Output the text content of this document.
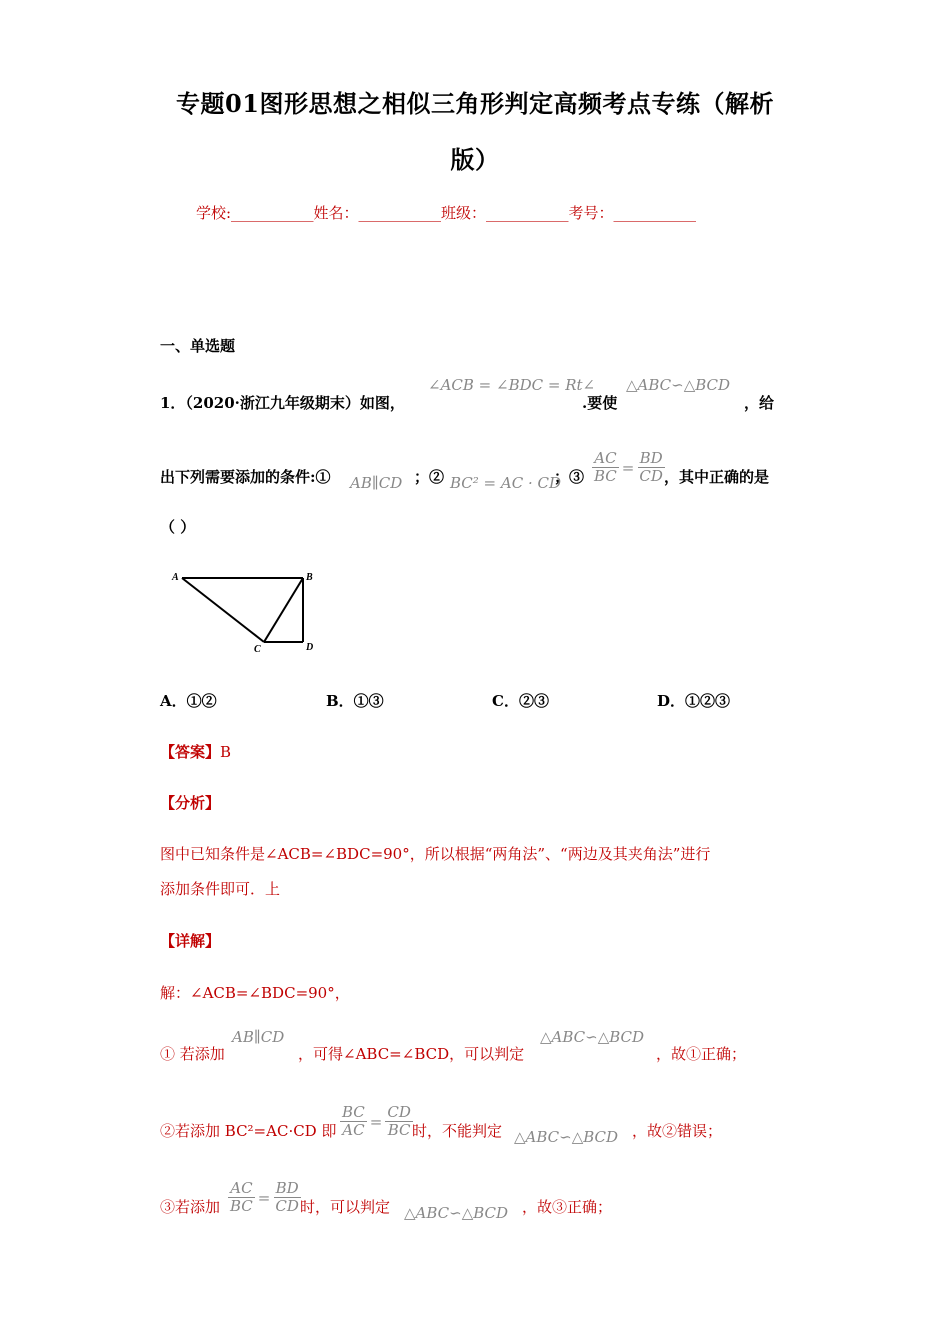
专题01图形思想之相似三角形判定高频考点专练（解析
版）
学校:___________姓名：___________班级：___________考号：___________
一、单选题
1．（2020·浙江九年级期末）如图，
∠ACB = ∠BDC = Rt∠
.要使
△ABC∽△BCD
，给
出下列需要添加的条件:① AB∥CD ；② BC² = AC · CD
；③ $\frac{AC}{BC} = \frac{BD}{CD}$ ，其中正确的是
（ ）
A	B
C	D
A．①②	B．①③	C．②③	D．①②③
【答案】B
【分析】
图中已知条件是∠ACB=∠BDC=90°，所以根据“两角法”、“两边及其夹角法”进行
添加条件即可．上
【详解】
解：∠ACB=∠BDC=90°，
① 若添加
AB∥CD
，可得∠ABC=∠BCD，可以判定
△ABC∽△BCD
，故①正确；
②若添加 BC²=AC·CD 即 $\frac{BC}{AC} = \frac{CD}{BC}$ 时，不能判定 △ABC∽△BCD ，故②错误；
③若添加 $\frac{AC}{BC} = \frac{BD}{CD}$ 时，可以判定 △ABC∽△BCD ，故③正确；
